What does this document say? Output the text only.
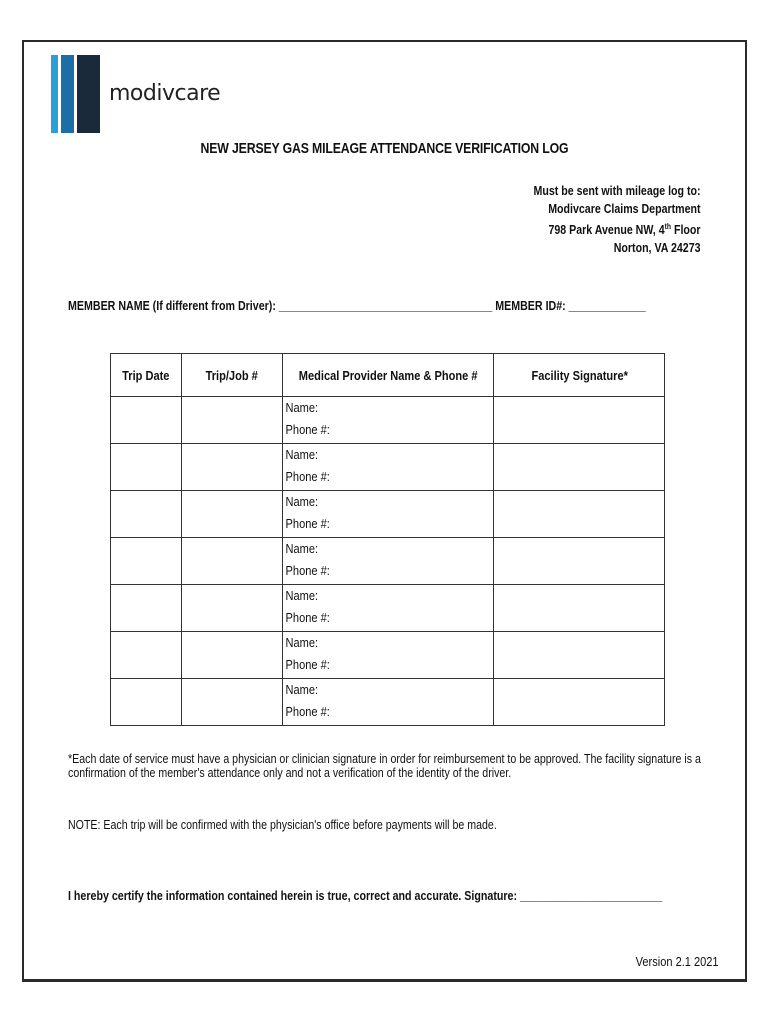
modivcare
NEW JERSEY GAS MILEAGE ATTENDANCE VERIFICATION LOG
Must be sent with mileage log to:
Modivcare Claims Department
798 Park Avenue NW, 4th Floor
Norton, VA 24273
MEMBER NAME (If different from Driver): ____________________________________ MEMBER ID#: _____________
Trip Date	Trip/Job #	Medical Provider Name & Phone #	Facility Signature*

		Name:
Phone #:	

		Name:
Phone #:	

		Name:
Phone #:	

		Name:
Phone #:	

		Name:
Phone #:	

		Name:
Phone #:	

		Name:
Phone #:	

*Each date of service must have a physician or clinician signature in order for reimbursement to be approved. The facility signature is a
confirmation of the member's attendance only and not a verification of the identity of the driver.
NOTE: Each trip will be confirmed with the physician's office before payments will be made.
I hereby certify the information contained herein is true, correct and accurate. Signature: ________________________
Version 2.1 2021
